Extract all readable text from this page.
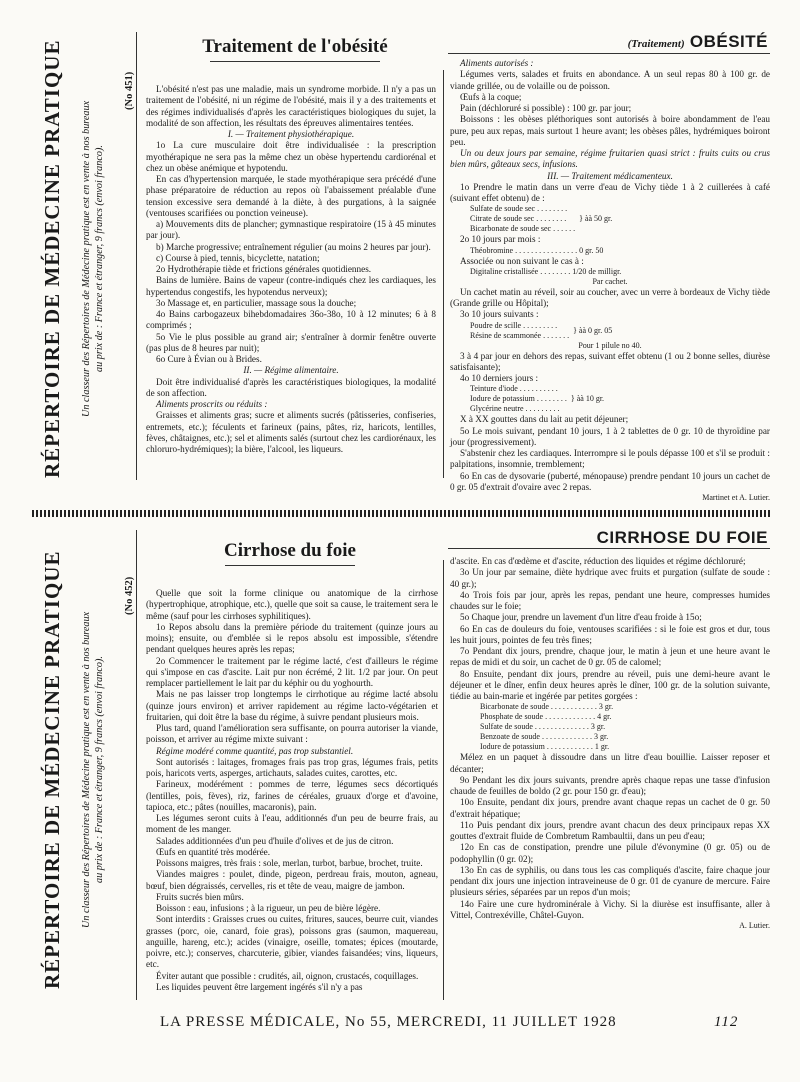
RÉPERTOIRE DE MÉDECINE PRATIQUE	Un classeur des Répertoires de Médecine pratique est en vente à nos bureaux au prix de : France et étranger, 9 francs (envoi franco).
(No 451)
Traitement de l'obésité	(Traitement) OBÉSITÉ

L'obésité n'est pas une maladie, mais un syndrome morbide. Il n'y a pas un traitement de l'obésité, ni un régime de l'obésité, mais il y a des traitements et des régimes individualisés d'après les caractéristiques biologiques du sujet, la modalité de son affection, les résultats des épreuves alimentaires tentées.

I. — Traitement physiothérapique.

1o La cure musculaire doit être individualisée : la prescription myothérapique ne sera pas la même chez un obèse hypertendu cardiorénal et chez un obèse anémique et hypotendu.

En cas d'hypertension marquée, le stade myothérapique sera précédé d'une phase préparatoire de réduction au repos où l'abaissement préalable d'une tension excessive sera demandé à la diète, à des purgations, à la saignée (ventouses scarifiées ou ponction veineuse).

a) Mouvements dits de plancher; gymnastique respiratoire (15 à 45 minutes par jour).

b) Marche progressive; entraînement régulier (au moins 2 heures par jour).

c) Course à pied, tennis, bicyclette, natation;

2o Hydrothérapie tiède et frictions générales quotidiennes.

Bains de lumière. Bains de vapeur (contre-indiqués chez les cardiaques, les hypertendus congestifs, les hypotendus nerveux);

3o Massage et, en particulier, massage sous la douche;

4o Bains carbogazeux bihebdomadaires 36o-38o, 10 à 12 minutes; 6 à 8 comprimés ;

5o Vie le plus possible au grand air; s'entraîner à dormir fenêtre ouverte (pas plus de 8 heures par nuit);

6o Cure à Évian ou à Brides.

II. — Régime alimentaire.

Doit être individualisé d'après les caractéristiques biologiques, la modalité de son affection.

Aliments proscrits ou réduits :

Graisses et aliments gras; sucre et aliments sucrés (pâtisseries, confiseries, entremets, etc.); féculents et farineux (pains, pâtes, riz, haricots, lentilles, fèves, châtaignes, etc.); sel et aliments salés (surtout chez les cardiorénaux, les chloruro-hydrémiques); la bière, l'alcool, les liqueurs.

Aliments autorisés :

Légumes verts, salades et fruits en abondance. A un seul repas 80 à 100 gr. de viande grillée, ou de volaille ou de poisson.

Œufs à la coque;

Pain (déchloruré si possible) : 100 gr. par jour;

Boissons : les obèses pléthoriques sont autorisés à boire abondamment de l'eau pure, peu aux repas, mais surtout 1 heure avant; les obèses pâles, hydrémiques boiront peu.

Un ou deux jours par semaine, régime fruitarien quasi strict : fruits cuits ou crus bien mûrs, gâteaux secs, infusions.

III. — Traitement médicamenteux.

1o Prendre le matin dans un verre d'eau de Vichy tiède 1 à 2 cuillerées à café (suivant effet obtenu) de :

Sulfate de soude sec . . . . . . . .
Citrate de soude sec . . . . . . . .
Bicarbonate de soude sec . . . . . .
} àà 50 gr.

2o 10 jours par mois :

Théobromine . . . . . . . . . . . . . . . . 0 gr. 50

Associée ou non suivant le cas à :

Digitaline cristallisée . . . . . . . . 1/20 de milligr.

Par cachet.

Un cachet matin au réveil, soir au coucher, avec un verre à bordeaux de Vichy tiède (Grande grille ou Hôpital);

3o 10 jours suivants :

Poudre de scille . . . . . . . . .
Résine de scammonée . . . . . . .
} àà 0 gr. 05

Pour 1 pilule no 40.

3 à 4 par jour en dehors des repas, suivant effet obtenu (1 ou 2 bonne selles, diurèse satisfaisante);

4o 10 derniers jours :

Teinture d'iode . . . . . . . . . .
Iodure de potassium . . . . . . . .
Glycérine neutre . . . . . . . . .
} àà 10 gr.

X à XX gouttes dans du lait au petit déjeuner;

5o Le mois suivant, pendant 10 jours, 1 à 2 tablettes de 0 gr. 10 de thyroïdine par jour (progressivement).

S'abstenir chez les cardiaques. Interrompre si le pouls dépasse 100 et s'il se produit : palpitations, insomnie, tremblement;

6o En cas de dysovarie (puberté, ménopause) prendre pendant 10 jours un cachet de 0 gr. 05 d'extrait d'ovaire avec 2 repas.

Martinet et A. Lutier.

RÉPERTOIRE DE MÉDECINE PRATIQUE	Un classeur des Répertoires de Médecine pratique est en vente à nos bureaux au prix de : France et étranger, 9 francs (envoi franco).
(No 452)
Cirrhose du foie
CIRRHOSE DU FOIE

Quelle que soit la forme clinique ou anatomique de la cirrhose (hypertrophique, atrophique, etc.), quelle que soit sa cause, le traitement sera le même (sauf pour les cirrhoses syphilitiques).

1o Repos absolu dans la première période du traitement (quinze jours au moins); ensuite, ou d'emblée si le repos absolu est impossible, s'étendre pendant quelques heures après les repas;

2o Commencer le traitement par le régime lacté, c'est d'ailleurs le régime qui s'impose en cas d'ascite. Lait pur non écrémé, 2 lit. 1/2 par jour. On peut remplacer partiellement le lait par du képhir ou du yoghourth.

Mais ne pas laisser trop longtemps le cirrhotique au régime lacté absolu (quinze jours environ) et arriver rapidement au régime lacto-végétarien et fruitarien, qui doit être la base du régime, à suivre pendant plusieurs mois.

Plus tard, quand l'amélioration sera suffisante, on pourra autoriser la viande, poisson, et arriver au régime mixte suivant :

Régime modéré comme quantité, pas trop substantiel.

Sont autorisés : laitages, fromages frais pas trop gras, légumes frais, petits pois, haricots verts, asperges, artichauts, salades cuites, carottes, etc.

Farineux, modérément : pommes de terre, légumes secs décortiqués (lentilles, pois, fèves), riz, farines de céréales, gruaux d'orge et d'avoine, tapioca, etc.; pâtes (nouilles, macaronis), pain.

Les légumes seront cuits à l'eau, additionnés d'un peu de beurre frais, au moment de les manger.

Salades additionnées d'un peu d'huile d'olives et de jus de citron.

Œufs en quantité très modérée.

Poissons maigres, très frais : sole, merlan, turbot, barbue, brochet, truite.

Viandes maigres : poulet, dinde, pigeon, perdreau frais, mouton, agneau, bœuf, bien dégraissés, cervelles, ris et tête de veau, maigre de jambon.

Fruits sucrés bien mûrs.

Boisson : eau, infusions ; à la rigueur, un peu de bière légère.

Sont interdits : Graisses crues ou cuites, fritures, sauces, beurre cuit, viandes grasses (porc, oie, canard, foie gras), poissons gras (saumon, maquereau, anguille, hareng, etc.); acides (vinaigre, oseille, tomates; épices (moutarde, poivre, etc.); conserves, charcuterie, gibier, viandes faisandées; vins, liqueurs, etc.

Éviter autant que possible : crudités, ail, oignon, crustacés, coquillages.

Les liquides peuvent être largement ingérés s'il n'y a pas

d'ascite. En cas d'œdème et d'ascite, réduction des liquides et régime déchloruré;

3o Un jour par semaine, diète hydrique avec fruits et purgation (sulfate de soude : 40 gr.);

4o Trois fois par jour, après les repas, pendant une heure, compresses humides chaudes sur le foie;

5o Chaque jour, prendre un lavement d'un litre d'eau froide à 15o;

6o En cas de douleurs du foie, ventouses scarifiées : si le foie est gros et dur, tous les huit jours, pointes de feu très fines;

7o Pendant dix jours, prendre, chaque jour, le matin à jeun et une heure avant le repas de midi et du soir, un cachet de 0 gr. 05 de calomel;

8o Ensuite, pendant dix jours, prendre au réveil, puis une demi-heure avant le déjeuner et le dîner, enfin deux heures après le dîner, 100 gr. de la solution suivante, tiédie au bain-marie et ingérée par petites gorgées :

Bicarbonate de soude . . . . . . . . . . . . 3 gr.
Phosphate de soude . . . . . . . . . . . . . 4 gr.
Sulfate de soude . . . . . . . . . . . . . . 3 gr.
Benzoate de soude . . . . . . . . . . . . . 3 gr.
Iodure de potassium . . . . . . . . . . . . 1 gr.

Mélez en un paquet à dissoudre dans un litre d'eau bouillie. Laisser reposer et décanter;

9o Pendant les dix jours suivants, prendre après chaque repas une tasse d'infusion chaude de feuilles de boldo (2 gr. pour 150 gr. d'eau);

10o Ensuite, pendant dix jours, prendre avant chaque repas un cachet de 0 gr. 50 d'extrait hépatique;

11o Puis pendant dix jours, prendre avant chacun des deux principaux repas XX gouttes d'extrait fluide de Combretum Rambaultii, dans un peu d'eau;

12o En cas de constipation, prendre une pilule d'évonymine (0 gr. 05) ou de podophyllin (0 gr. 02);

13o En cas de syphilis, ou dans tous les cas compliqués d'ascite, faire chaque jour pendant dix jours une injection intraveineuse de 0 gr. 01 de cyanure de mercure. Faire plusieurs séries, séparées par un repos d'un mois;

14o Faire une cure hydrominérale à Vichy. Si la diurèse est insuffisante, aller à Vittel, Contrexéville, Châtel-Guyon.

A. Lutier.

LA PRESSE MÉDICALE, No 55, MERCREDI, 11 JUILLET 1928	112
